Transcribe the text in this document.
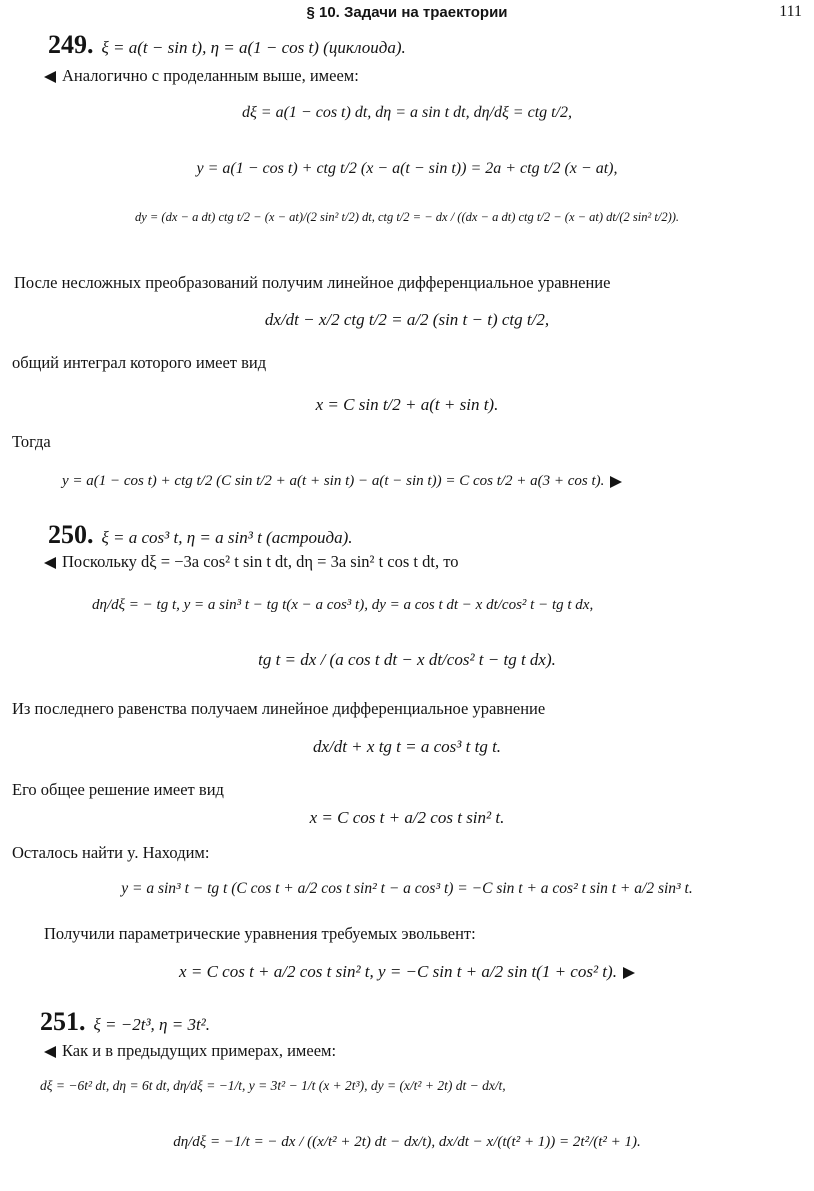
§ 10. Задачи на траектории	111
249. ξ = a(t − sin t), η = a(1 − cos t) (циклоида).
Аналогично с проделанным выше, имеем:
dξ = a(1 − cos t) dt, dη = a sin t dt, dη/dξ = ctg t/2,
y = a(1 − cos t) + ctg t/2 (x − a(t − sin t)) = 2a + ctg t/2 (x − at),
dy = (dx − a dt) ctg t/2 − (x − at)/(2 sin² t/2) dt, ctg t/2 = − dx / ((dx − a dt) ctg t/2 − (x − at) dt/(2 sin² t/2)).
После несложных преобразований получим линейное дифференциальное уравнение
dx/dt − x/2 ctg t/2 = a/2 (sin t − t) ctg t/2,
общий интеграл которого имеет вид
x = C sin t/2 + a(t + sin t).
Тогда
y = a(1 − cos t) + ctg t/2 (C sin t/2 + a(t + sin t) − a(t − sin t)) = C cos t/2 + a(3 + cos t).
250. ξ = a cos³ t, η = a sin³ t (астроида).
Поскольку dξ = −3a cos² t sin t dt, dη = 3a sin² t cos t dt, то
dη/dξ = − tg t, y = a sin³ t − tg t(x − a cos³ t), dy = a cos t dt − x dt/cos² t − tg t dx,
tg t = dx / (a cos t dt − x dt/cos² t − tg t dx).
Из последнего равенства получаем линейное дифференциальное уравнение
dx/dt + x tg t = a cos³ t tg t.
Его общее решение имеет вид
x = C cos t + a/2 cos t sin² t.
Осталось найти y. Находим:
y = a sin³ t − tg t (C cos t + a/2 cos t sin² t − a cos³ t) = −C sin t + a cos² t sin t + a/2 sin³ t.
Получили параметрические уравнения требуемых эвольвент:
x = C cos t + a/2 cos t sin² t, y = −C sin t + a/2 sin t(1 + cos² t).
251. ξ = −2t³, η = 3t².
Как и в предыдущих примерах, имеем:
dξ = −6t² dt, dη = 6t dt, dη/dξ = −1/t, y = 3t² − 1/t (x + 2t³), dy = (x/t² + 2t) dt − dx/t,
dη/dξ = −1/t = − dx / ((x/t² + 2t) dt − dx/t), dx/dt − x/(t(t² + 1)) = 2t²/(t² + 1).
